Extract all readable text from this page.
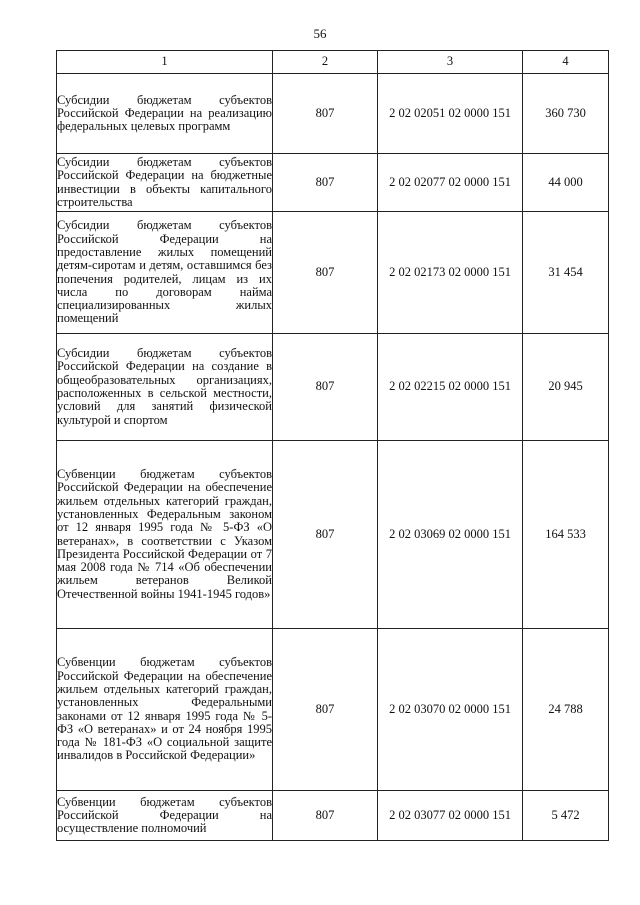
56
1	2	3	4
Субсидии бюджетам субъектов Российской Федерации на реализацию федеральных целевых программ	807	2 02 02051 02 0000 151	360 730
Субсидии бюджетам субъектов Российской Федерации на бюджетные инвестиции в объекты капитального строительства	807	2 02 02077 02 0000 151	44 000
Субсидии бюджетам субъектов Российской Федерации на предоставление жилых помещений детям-сиротам и детям, оставшимся без попечения родителей, лицам из их числа по договорам найма специализированных жилых помещений	807	2 02 02173 02 0000 151	31 454
Субсидии бюджетам субъектов Российской Федерации на создание в общеобразовательных организациях, расположенных в сельской местности, условий для занятий физической культурой и спортом	807	2 02 02215 02 0000 151	20 945
Субвенции бюджетам субъектов Российской Федерации на обеспечение жильем отдельных категорий граждан, установленных Федеральным законом от 12 января 1995 года № 5-ФЗ «О ветеранах», в соответствии с Указом Президента Российской Федерации от 7 мая 2008 года № 714 «Об обеспечении жильем ветеранов Великой Отечественной войны 1941-1945 годов»	807	2 02 03069 02 0000 151	164 533
Субвенции бюджетам субъектов Российской Федерации на обеспечение жильем отдельных категорий граждан, установленных Федеральными законами от 12 января 1995 года № 5-ФЗ «О ветеранах» и от 24 ноября 1995 года № 181-ФЗ «О социальной защите инвалидов в Российской Федерации»	807	2 02 03070 02 0000 151	24 788
Субвенции бюджетам субъектов Российской Федерации на осуществление полномочий	807	2 02 03077 02 0000 151	5 472
